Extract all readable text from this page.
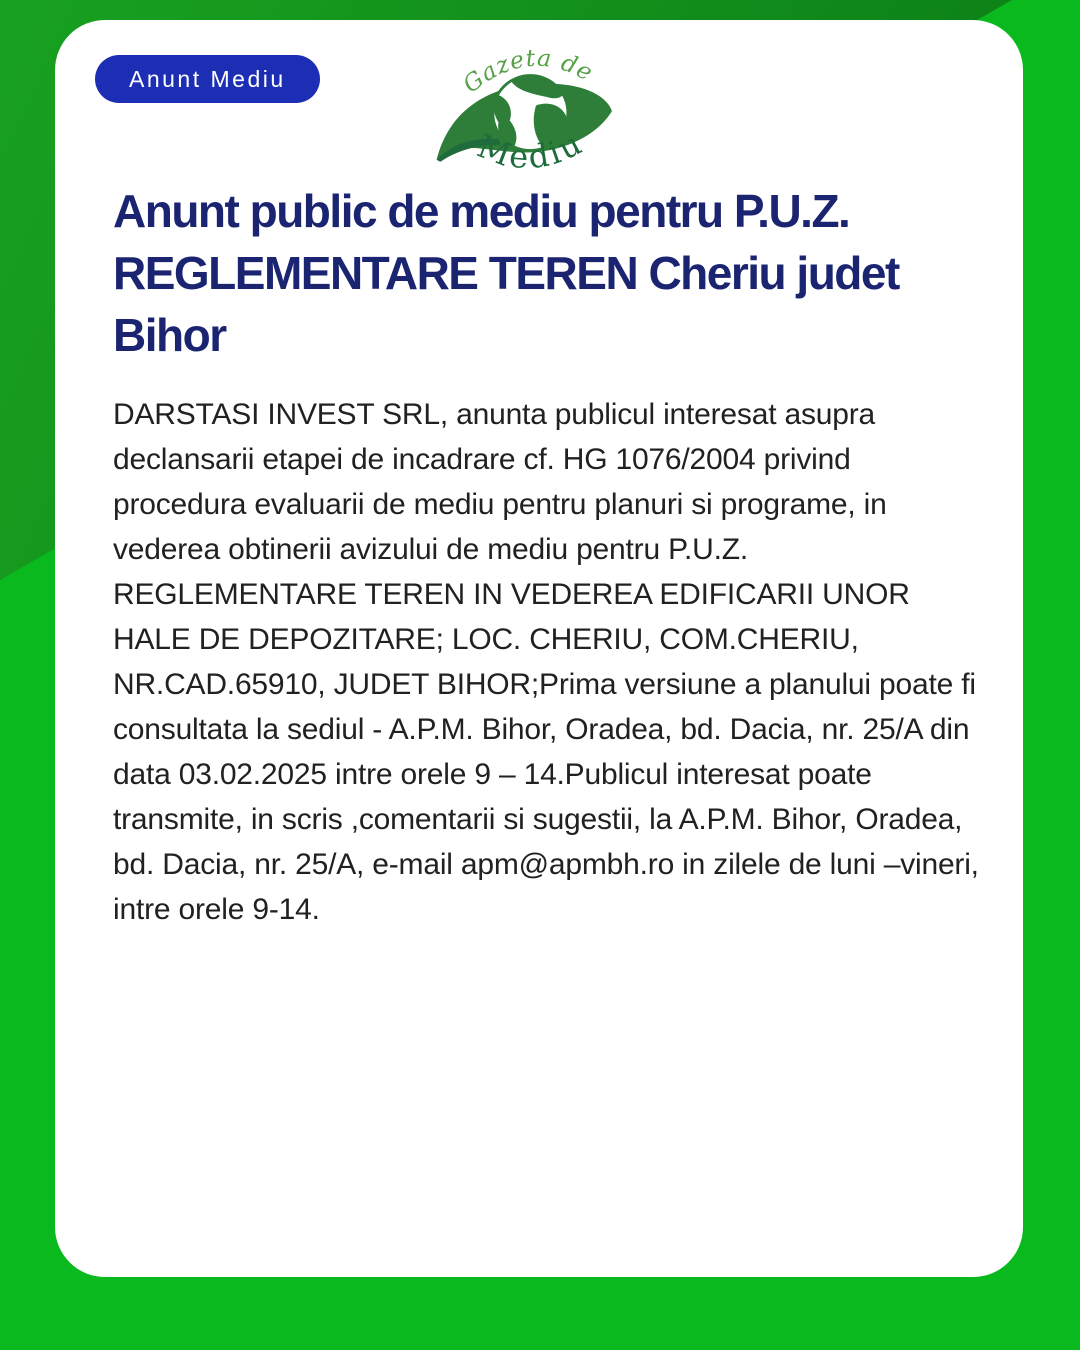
Anunt Mediu	Gazeta de
Mediu
Anunt public de mediu pentru P.U.Z.
REGLEMENTARE TEREN Cheriu judet
Bihor

DARSTASI INVEST SRL, anunta publicul interesat asupra declansarii etapei de incadrare cf. HG 1076/2004 privind procedura evaluarii de mediu pentru planuri si programe, in vederea obtinerii avizului de mediu pentru P.U.Z. REGLEMENTARE TEREN IN VEDEREA EDIFICARII UNOR HALE DE DEPOZITARE; LOC. CHERIU, COM.CHERIU, NR.CAD.65910, JUDET BIHOR;Prima versiune a planului poate fi consultata la sediul - A.P.M. Bihor, Oradea, bd. Dacia, nr. 25/A din data 03.02.2025 intre orele 9 – 14.Publicul interesat poate transmite, in scris ,comentarii si sugestii, la A.P.M. Bihor, Oradea, bd. Dacia, nr. 25/A, e-mail apm@apmbh.ro in zilele de luni –vineri, intre orele 9-14.
